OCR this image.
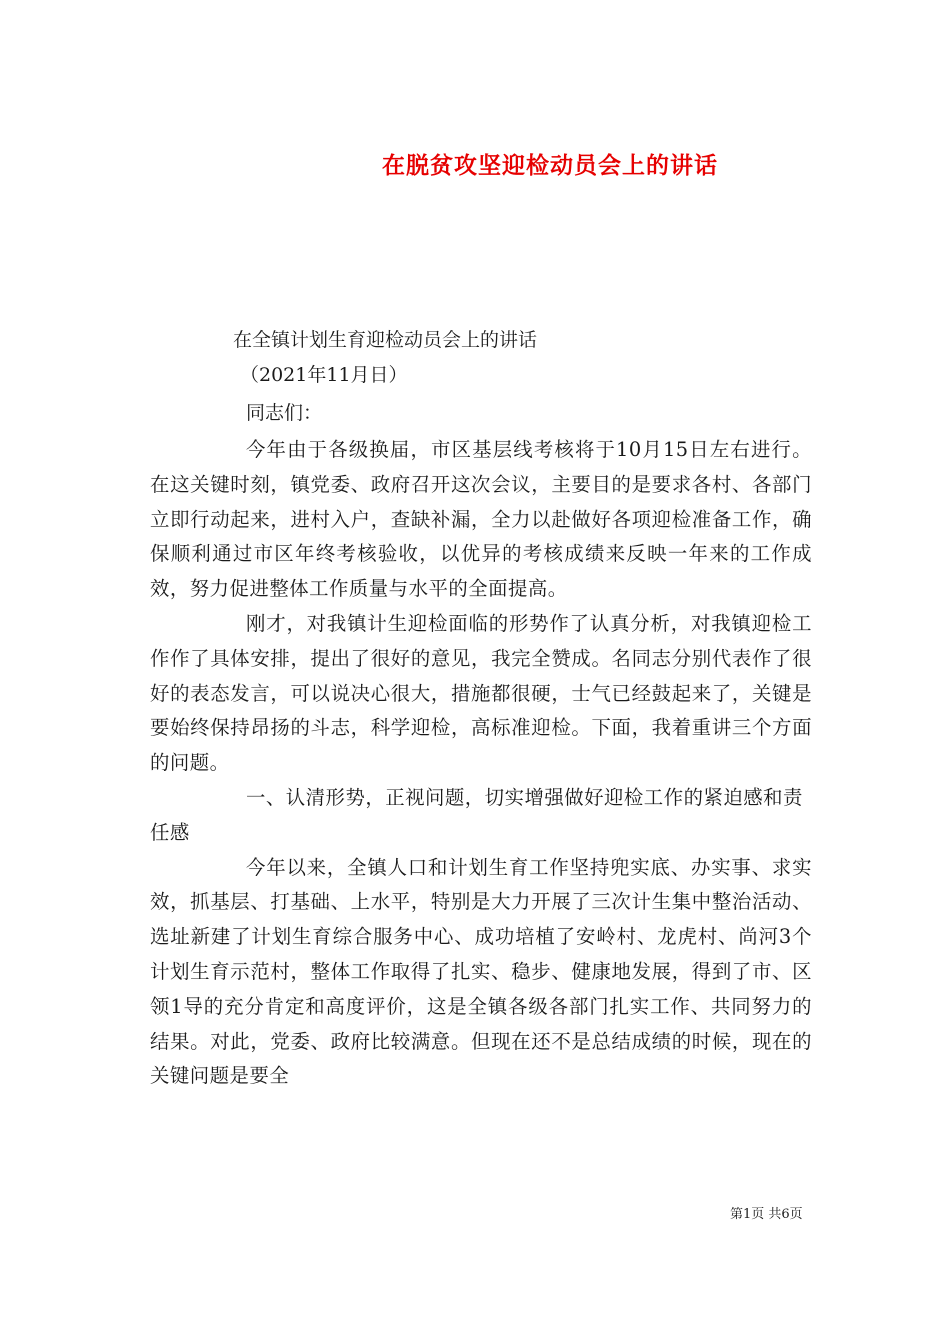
在脱贫攻坚迎检动员会上的讲话
在全镇计划生育迎检动员会上的讲话
（2021年11月日）
同志们：

今年由于各级换届，市区基层线考核将于10月15日左右进行。在这关键时刻，镇党委、政府召开这次会议，主要目的是要求各村、各部门立即行动起来，进村入户，查缺补漏，全力以赴做好各项迎检准备工作，确保顺利通过市区年终考核验收，以优异的考核成绩来反映一年来的工作成效，努力促进整体工作质量与水平的全面提高。

刚才，对我镇计生迎检面临的形势作了认真分析，对我镇迎检工作作了具体安排，提出了很好的意见，我完全赞成。名同志分别代表作了很好的表态发言，可以说决心很大，措施都很硬，士气已经鼓起来了，关键是要始终保持昂扬的斗志，科学迎检，高标准迎检。下面，我着重讲三个方面的问题。

一、认清形势，正视问题，切实增强做好迎检工作的紧迫感和责任感

今年以来，全镇人口和计划生育工作坚持兜实底、办实事、求实效，抓基层、打基础、上水平，特别是大力开展了三次计生集中整治活动、选址新建了计划生育综合服务中心、成功培植了安岭村、龙虎村、尚河3个计划生育示范村，整体工作取得了扎实、稳步、健康地发展，得到了市、区领1导的充分肯定和高度评价，这是全镇各级各部门扎实工作、共同努力的结果。对此，党委、政府比较满意。但现在还不是总结成绩的时候，现在的关键问题是要全

第1页 共6页
